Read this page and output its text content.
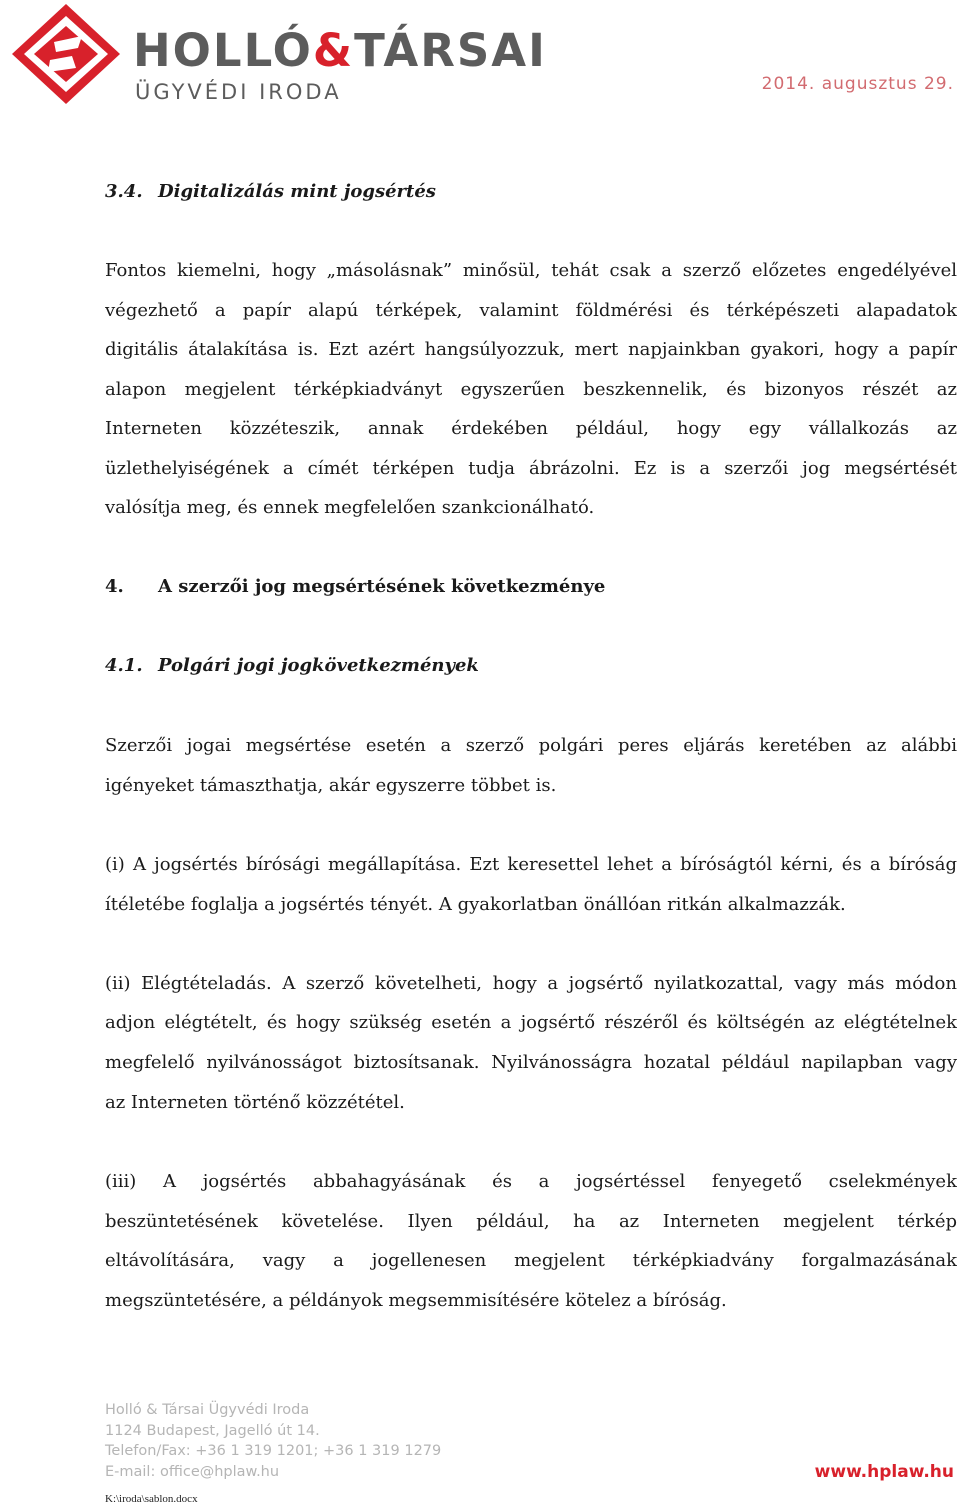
HOLLÓ&TÁRSAI
ÜGYVÉDI IRODA	2014. augusztus 29.
3.4. Digitalizálás mint jogsértés
Fontos kiemelni, hogy „másolásnak” minősül, tehát csak a szerző előzetes engedélyével
végezhető a papír alapú térképek, valamint földmérési és térképészeti alapadatok
digitális átalakítása is. Ezt azért hangsúlyozzuk, mert napjainkban gyakori, hogy a papír
alapon megjelent térképkiadványt egyszerűen beszkennelik, és bizonyos részét az
Interneten közzéteszik, annak érdekében például, hogy egy vállalkozás az
üzlethelyiségének a címét térképen tudja ábrázolni. Ez is a szerzői jog megsértését
valósítja meg, és ennek megfelelően szankcionálható.
4. A szerzői jog megsértésének következménye
4.1. Polgári jogi jogkövetkezmények
Szerzői jogai megsértése esetén a szerző polgári peres eljárás keretében az alábbi
igényeket támaszthatja, akár egyszerre többet is.
(i) A jogsértés bírósági megállapítása. Ezt keresettel lehet a bíróságtól kérni, és a bíróság
ítéletébe foglalja a jogsértés tényét. A gyakorlatban önállóan ritkán alkalmazzák.
(ii) Elégtételadás. A szerző követelheti, hogy a jogsértő nyilatkozattal, vagy más módon
adjon elégtételt, és hogy szükség esetén a jogsértő részéről és költségén az elégtételnek
megfelelő nyilvánosságot biztosítsanak. Nyilvánosságra hozatal például napilapban vagy
az Interneten történő közzététel.
(iii) A jogsértés abbahagyásának és a jogsértéssel fenyegető cselekmények
beszüntetésének követelése. Ilyen például, ha az Interneten megjelent térkép
eltávolítására, vagy a jogellenesen megjelent térképkiadvány forgalmazásának
megszüntetésére, a példányok megsemmisítésére kötelez a bíróság.
Holló & Társai Ügyvédi Iroda
1124 Budapest, Jagelló út 14.
Telefon/Fax: +36 1 319 1201; +36 1 319 1279
E-mail: office@hplaw.hu	www.hplaw.hu
K:\iroda\sablon.docx
